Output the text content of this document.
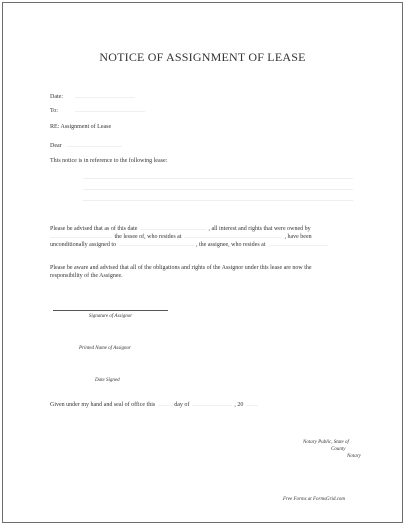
NOTICE OF ASSIGNMENT OF LEASE
Date:
To:
RE: Assignment of Lease
Dear
This notice is in reference to the following lease:
Please be advised that as of this date	, all interest and rights that were owned by
the lessee of, who resides at	, have been
unconditionally assigned to	, the assignee, who resides at
Please be aware and advised that all of the obligations and rights of the Assignor under this lease are now the
responsibility of the Assignee.
Signature of Assignor
Printed Name of Assignor
Date Signed
Given under my hand and seal of office this	day of	, 20
Notary Public, State of
County
Notary
Free Forms at FormsGrid.com
